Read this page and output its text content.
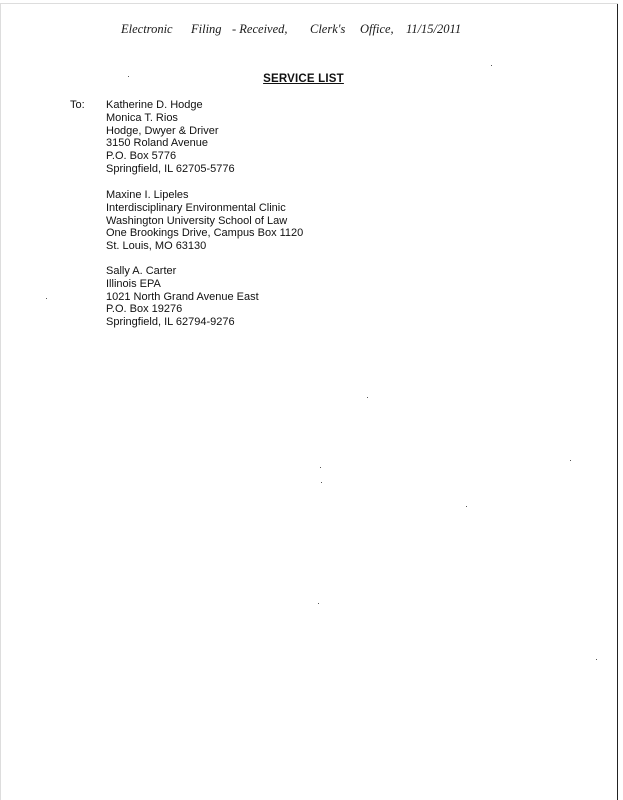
Electronic Filing - Received, Clerk's Office, 11/15/2011
SERVICE LIST
To: Katherine D. Hodge
Monica T. Rios
Hodge, Dwyer & Driver
3150 Roland Avenue
P.O. Box 5776
Springfield, IL 62705-5776
Maxine I. Lipeles
Interdisciplinary Environmental Clinic
Washington University School of Law
One Brookings Drive, Campus Box 1120
St. Louis, MO 63130
Sally A. Carter
Illinois EPA
1021 North Grand Avenue East
P.O. Box 19276
Springfield, IL 62794-9276
